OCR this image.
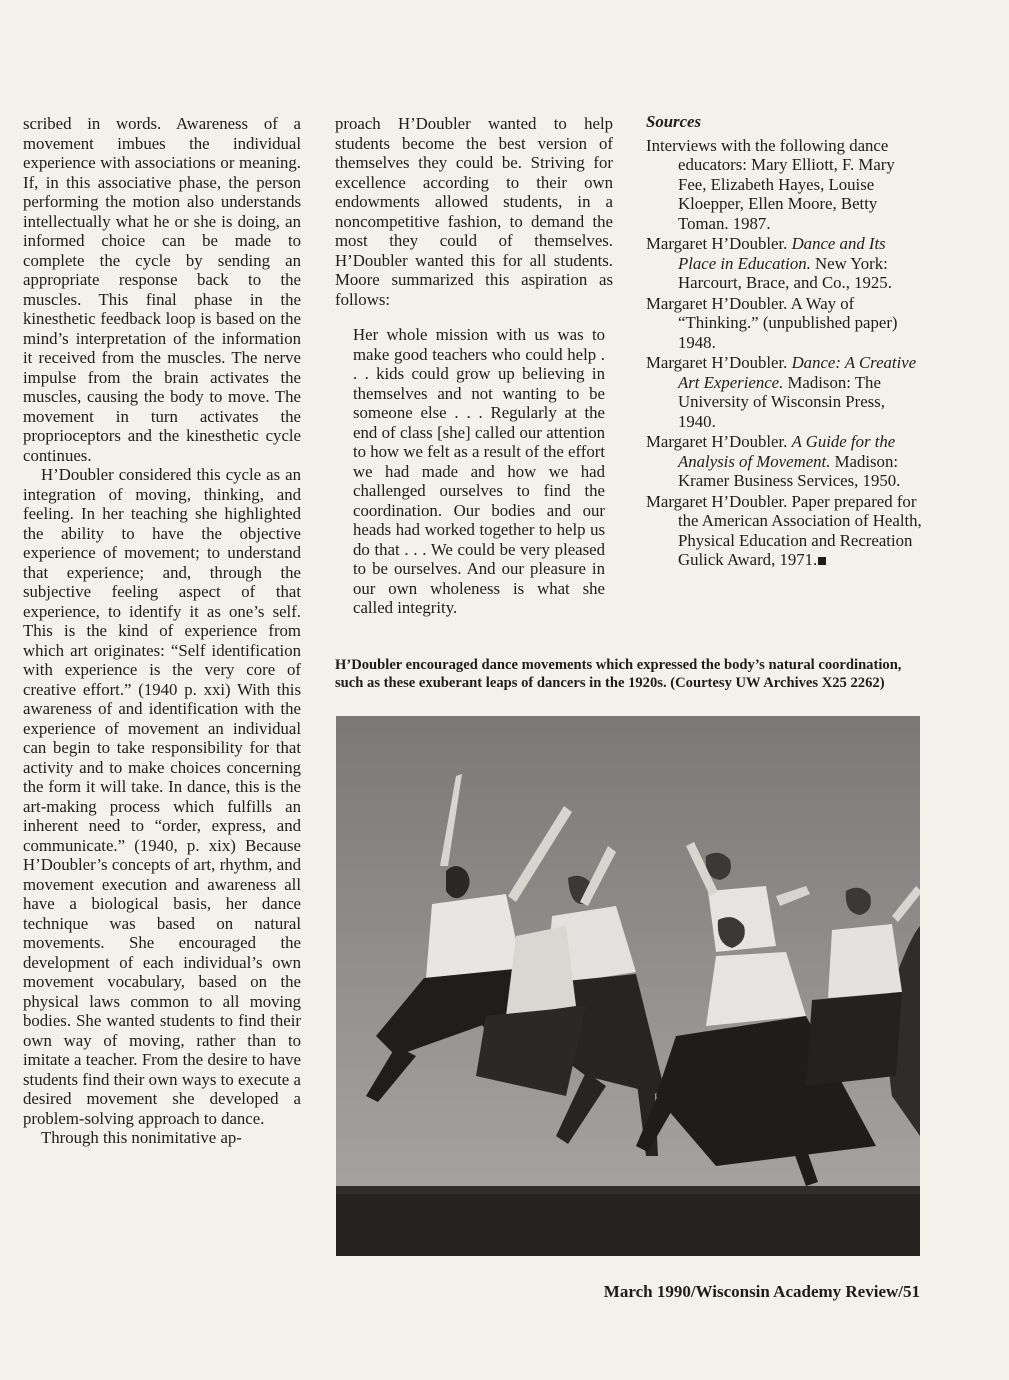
scribed in words. Awareness of a movement imbues the individual experience with associations or meaning. If, in this associative phase, the person performing the motion also understands intellectually what he or she is doing, an informed choice can be made to complete the cycle by sending an appropriate response back to the muscles. This final phase in the kinesthetic feedback loop is based on the mind’s interpretation of the information it received from the muscles. The nerve impulse from the brain activates the muscles, causing the body to move. The movement in turn activates the proprioceptors and the kinesthetic cycle continues.

H’Doubler considered this cycle as an integration of moving, thinking, and feeling. In her teaching she highlighted the ability to have the objective experience of movement; to understand that experience; and, through the subjective feeling aspect of that experience, to identify it as one’s self. This is the kind of experience from which art originates: “Self identification with experience is the very core of creative effort.” (1940 p. xxi) With this awareness of and identification with the experience of movement an individual can begin to take responsibility for that activity and to make choices concerning the form it will take. In dance, this is the art-making process which fulfills an inherent need to “order, express, and communicate.” (1940, p. xix) Because H’Doubler’s concepts of art, rhythm, and movement execution and awareness all have a biological basis, her dance technique was based on natural movements. She encouraged the development of each individual’s own movement vocabulary, based on the physical laws common to all moving bodies. She wanted students to find their own way of moving, rather than to imitate a teacher. From the desire to have students find their own ways to execute a desired movement she developed a problem-solving approach to dance.

Through this nonimitative ap-

proach H’Doubler wanted to help students become the best version of themselves they could be. Striving for excellence according to their own endowments allowed students, in a noncompetitive fashion, to demand the most they could of themselves. H’Doubler wanted this for all students. Moore summarized this aspiration as follows:

Her whole mission with us was to make good teachers who could help . . . kids could grow up believing in themselves and not wanting to be someone else . . . Regularly at the end of class [she] called our attention to how we felt as a result of the effort we had made and how we had challenged ourselves to find the coordination. Our bodies and our heads had worked together to help us do that . . . We could be very pleased to be ourselves. And our pleasure in our own wholeness is what she called integrity.

Sources

Interviews with the following dance educators: Mary Elliott, F. Mary Fee, Elizabeth Hayes, Louise Kloepper, Ellen Moore, Betty Toman. 1987.

Margaret H’Doubler. Dance and Its Place in Education. New York: Harcourt, Brace, and Co., 1925.

Margaret H’Doubler. A Way of “Thinking.” (unpublished paper) 1948.

Margaret H’Doubler. Dance: A Creative Art Experience. Madison: The University of Wisconsin Press, 1940.

Margaret H’Doubler. A Guide for the Analysis of Movement. Madison: Kramer Business Services, 1950.

Margaret H’Doubler. Paper prepared for the American Association of Health, Physical Education and Recreation Gulick Award, 1971.

H’Doubler encouraged dance movements which expressed the body’s natural coordination, such as these exuberant leaps of dancers in the 1920s. (Courtesy UW Archives X25 2262)
March 1990/Wisconsin Academy Review/51
